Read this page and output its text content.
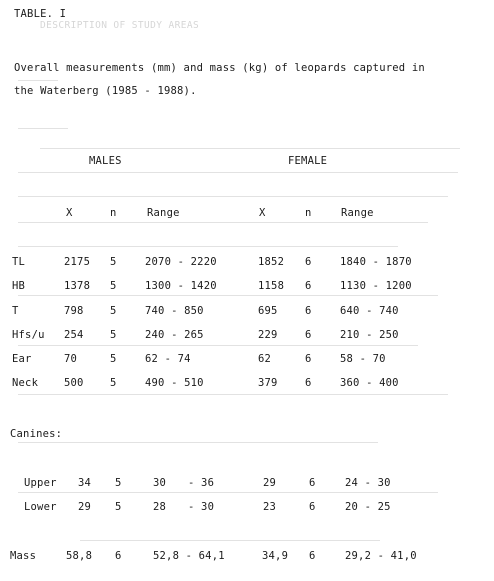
DESCRIPTION OF STUDY AREAS
TABLE. I
Overall measurements (mm) and mass (kg) of leopards captured in
the Waterberg (1985 - 1988).
MALES	FEMALE
X	n	Range	X	n	Range
TL	2175 5	2070 - 2220	1852 6	1840 - 1870
HB	1378 5	1300 - 1420	1158 6	1130 - 1200
T	798	5	740 - 850	695	6	640 - 740
Hfs/u 254	5	240 - 265	229	6	210 - 250
Ear	70	5	62 - 74	62	6	58 - 70
Neck 500	5	490 - 510	379	6	360 - 400
Canines:
Upper 34 5	30 - 36	29	6	24 - 30
Lower 29 5	28 - 30	23	6	20 - 25
Mass	58,8 6	52,8 - 64,1	34,9 6	29,2 - 41,0
